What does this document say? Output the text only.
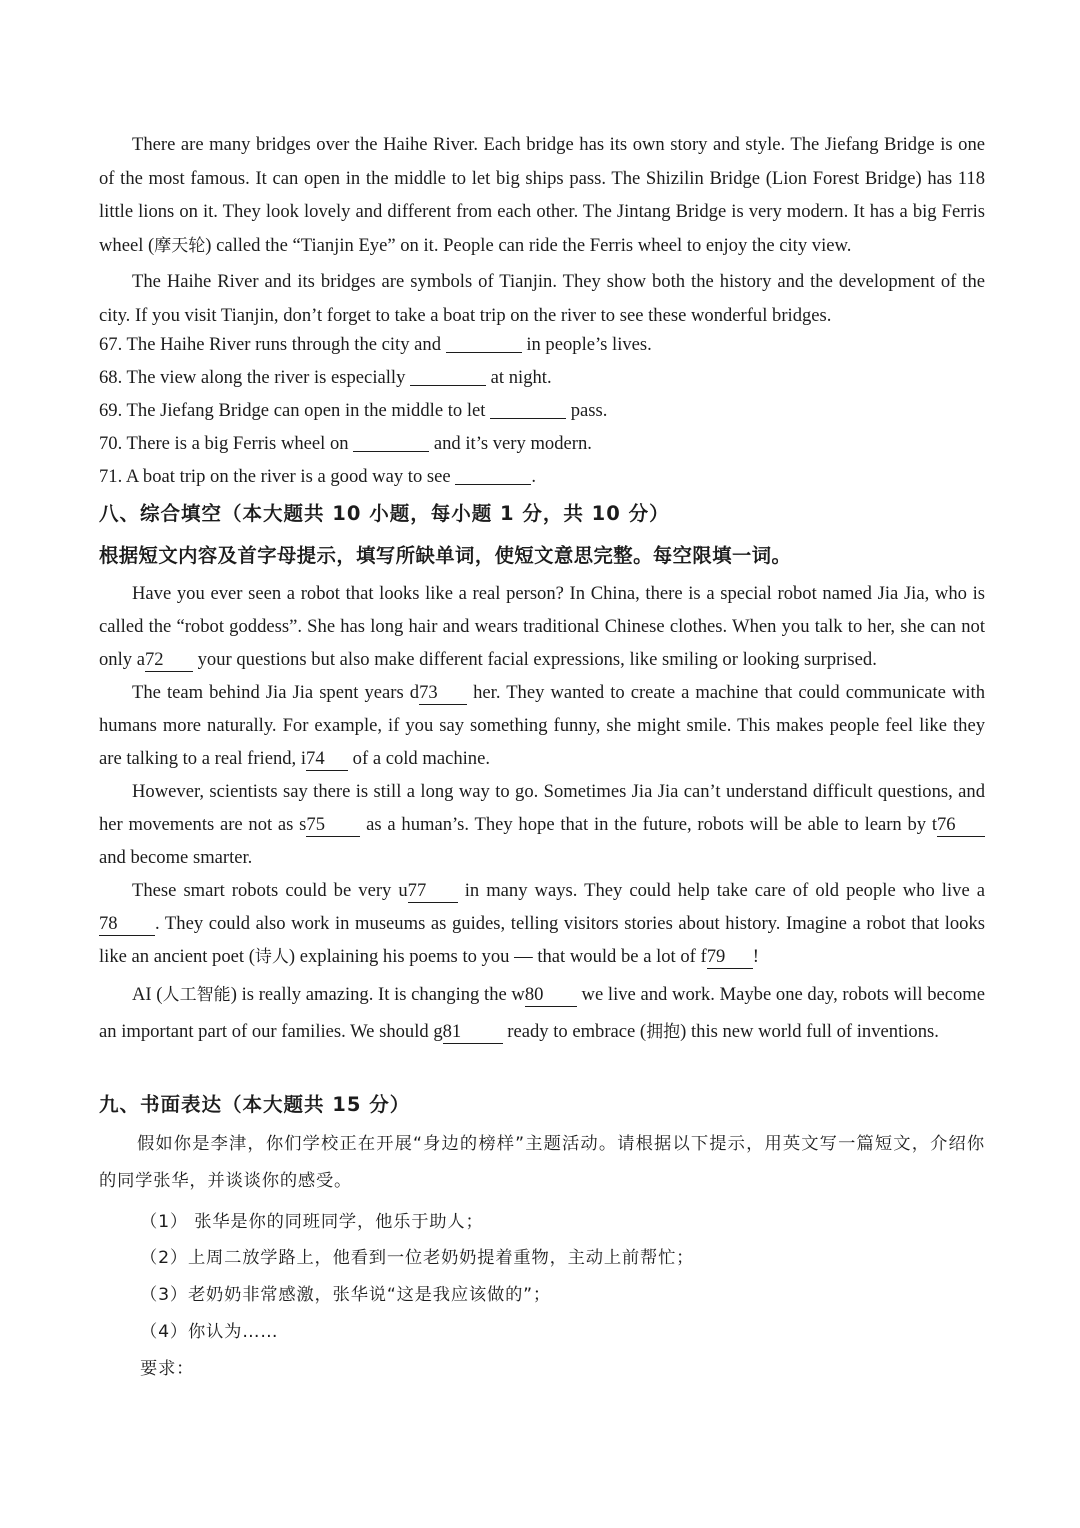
There are many bridges over the Haihe River. Each bridge has its own story and style. The Jiefang Bridge is one of the most famous. It can open in the middle to let big ships pass. The Shizilin Bridge (Lion Forest Bridge) has 118 little lions on it. They look lovely and different from each other. The Jintang Bridge is very modern. It has a big Ferris wheel (摩天轮) called the “Tianjin Eye” on it. People can ride the Ferris wheel to enjoy the city view.

The Haihe River and its bridges are symbols of Tianjin. They show both the history and the development of the city. If you visit Tianjin, don’t forget to take a boat trip on the river to see these wonderful bridges.

67. The Haihe River runs through the city and	in people’s lives.
68. The view along the river is especially	at night.
69. The Jiefang Bridge can open in the middle to let	pass.
70. There is a big Ferris wheel on	and it’s very modern.
71. A boat trip on the river is a good way to see	.
八、综合填空（本大题共 10 小题，每小题 1 分，共 10 分）
根据短文内容及首字母提示，填写所缺单词，使短文意思完整。每空限填一词。

Have you ever seen a robot that looks like a real person? In China, there is a special robot named Jia Jia, who is called the “robot goddess”. She has long hair and wears traditional Chinese clothes. When you talk to her, she can not only a72 your questions but also make different facial expressions, like smiling or looking surprised.

The team behind Jia Jia spent years d73 her. They wanted to create a machine that could communicate with humans more naturally. For example, if you say something funny, she might smile. This makes people feel like they are talking to a real friend, i74 of a cold machine.

However, scientists say there is still a long way to go. Sometimes Jia Jia can’t understand difficult questions, and her movements are not as s75 as a human’s. They hope that in the future, robots will be able to learn by t76 and become smarter.

These smart robots could be very u77 in many ways. They could help take care of old people who live a78 . They could also work in museums as guides, telling visitors stories about history. Imagine a robot that looks like an ancient poet (诗人) explaining his poems to you — that would be a lot of f79 !

AI (人工智能) is really amazing. It is changing the w80 we live and work. Maybe one day, robots will become an important part of our families. We should g81 ready to embrace (拥抱) this new world full of inventions.

九、书面表达（本大题共 15 分）

假如你是李津，你们学校正在开展“身边的榜样”主题活动。请根据以下提示，用英文写一篇短文，介绍你的同学张华，并谈谈你的感受。

（1） 张华是你的同班同学，他乐于助人；

（2）上周二放学路上，他看到一位老奶奶提着重物，主动上前帮忙；

（3）老奶奶非常感激，张华说“这是我应该做的”；

（4）你认为……

要求：
